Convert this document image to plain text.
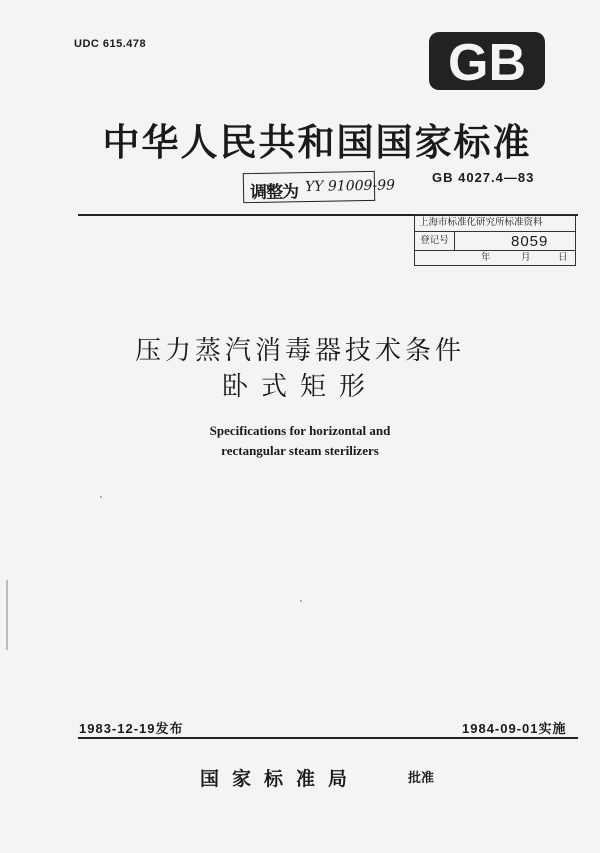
UDC 615.478	GB
中华人民共和国国家标准
调整为 YY 91009-99
GB 4027.4—83
上海市标准化研究所标准资料
登记号	8059
年	月	日
压力蒸汽消毒器技术条件
卧式矩形
Specifications for horizontal and
rectangular steam sterilizers
1983-12-19发布	1984-09-01实施
国家标准局	批准
